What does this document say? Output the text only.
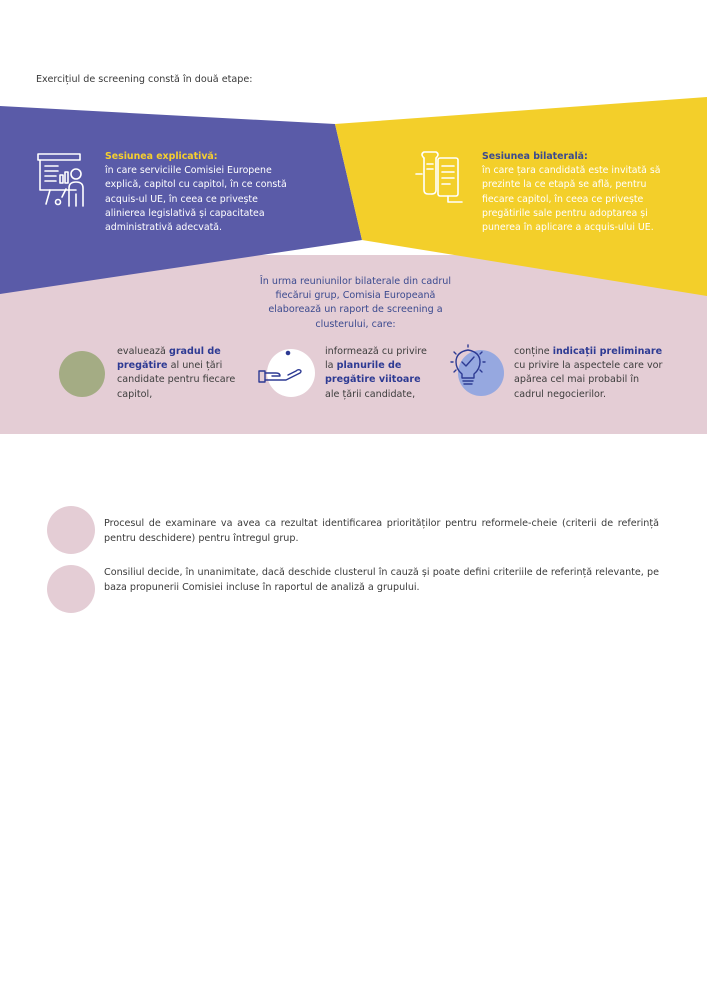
Exercițiul de screening constă în două etape:

Sesiunea explicativă:
în care serviciile Comisiei Europene explică, capitol cu capitol, în ce constă acquis-ul UE, în ceea ce privește alinierea legislativă și capacitatea administrativă adecvată.
Sesiunea bilaterală:
în care țara candidată este invitată să prezinte la ce etapă se află, pentru fiecare capitol, în ceea ce privește pregătirile sale pentru adoptarea și punerea în aplicare a acquis-ului UE.
În urma reuniunilor bilaterale din cadrul fiecărui grup, Comisia Europeană elaborează un raport de screening a clusterului, care:
evaluează gradul de pregătire al unei țări candidate pentru fiecare capitol,
informează cu privire la planurile de pregătire viitoare ale țării candidate,
conține indicații preliminare cu privire la aspectele care vor apărea cel mai probabil în cadrul negocierilor.
Procesul de examinare va avea ca rezultat identificarea priorităților pentru reformele-cheie (criterii de referință pentru deschidere) pentru întregul grup.
Consiliul decide, în unanimitate, dacă deschide clusterul în cauză și poate defini criteriile de referință relevante, pe baza propunerii Comisiei incluse în raportul de analiză a grupului.
